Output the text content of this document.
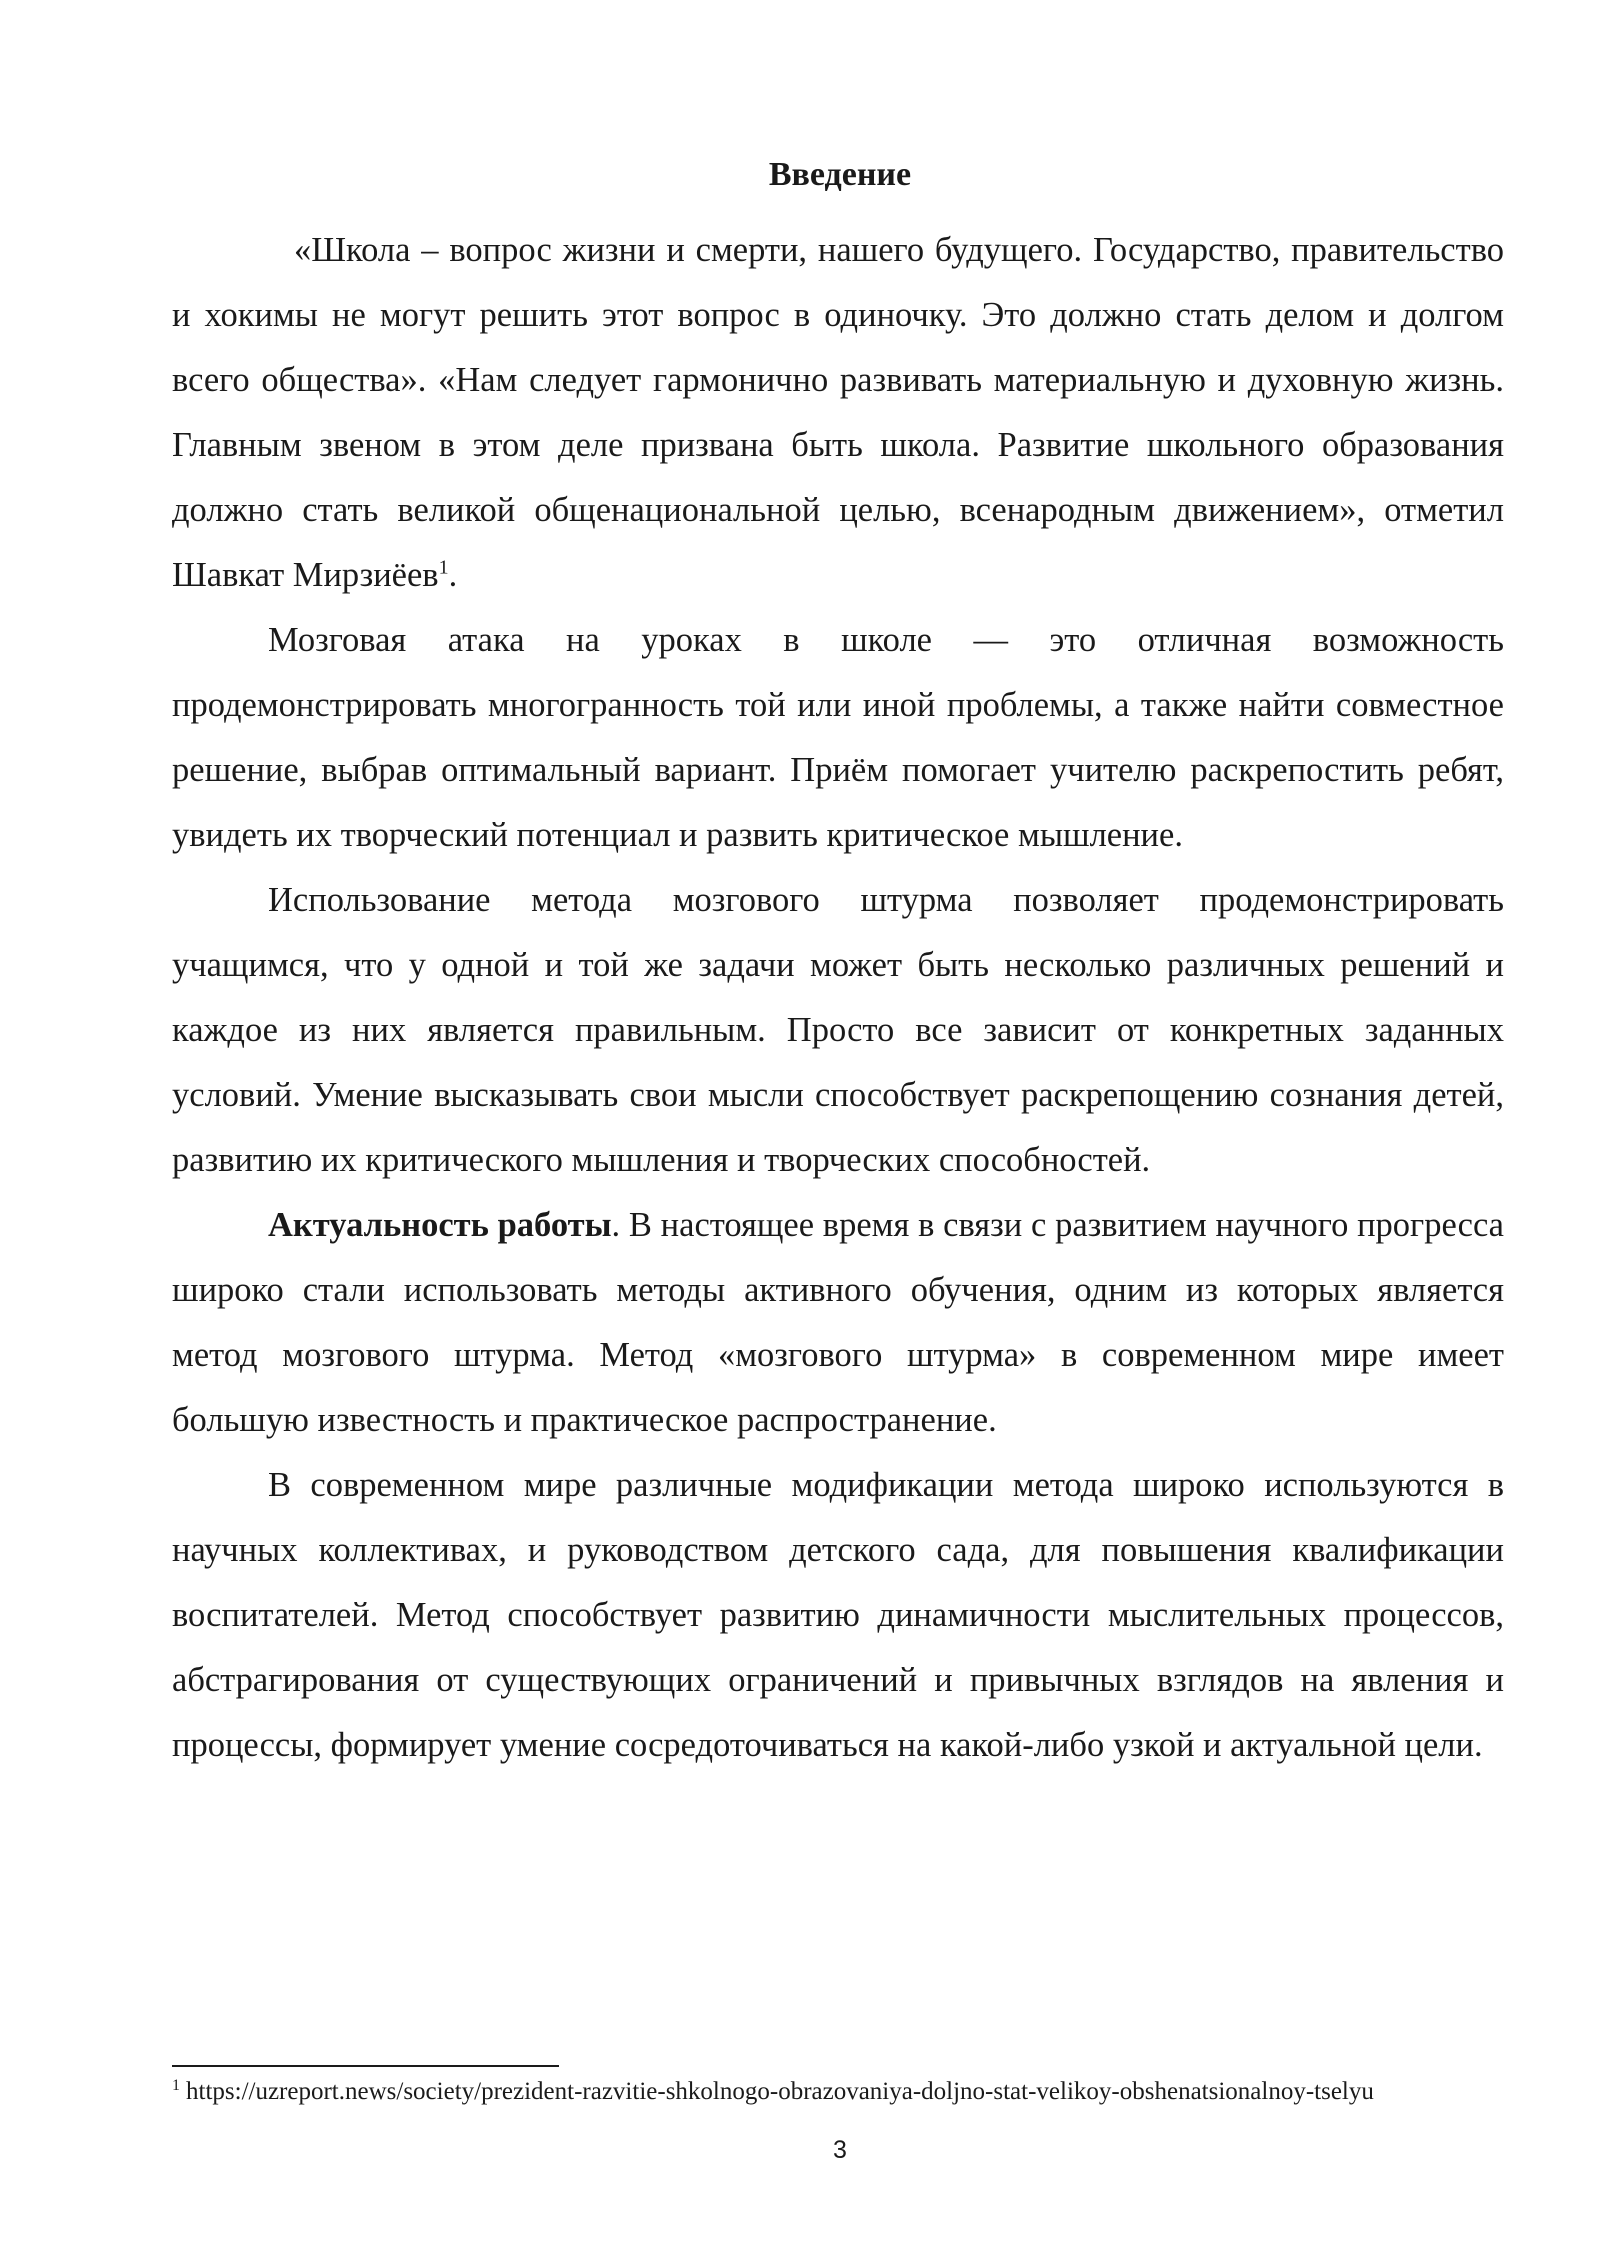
Введение

«Школа – вопрос жизни и смерти, нашего будущего. Государство, правительство и хокимы не могут решить этот вопрос в одиночку. Это должно стать делом и долгом всего общества». «Нам следует гармонично развивать материальную и духовную жизнь. Главным звеном в этом деле призвана быть школа. Развитие школьного образования должно стать великой общенациональной целью, всенародным движением», отметил Шавкат Мирзиёев$^1$.

Мозговая атака на уроках в школе — это отличная возможность продемонстрировать многогранность той или иной проблемы, а также найти совместное решение, выбрав оптимальный вариант. Приём помогает учителю раскрепостить ребят, увидеть их творческий потенциал и развить критическое мышление.

Использование метода мозгового штурма позволяет продемонстрировать учащимся, что у одной и той же задачи может быть несколько различных решений и каждое из них является правильным. Просто все зависит от конкретных заданных условий. Умение высказывать свои мысли способствует раскрепощению сознания детей, развитию их критического мышления и творческих способностей.

Актуальность работы. В настоящее время в связи с развитием научного прогресса широко стали использовать методы активного обучения, одним из которых является метод мозгового штурма. Метод «мозгового штурма» в современном мире имеет большую известность и практическое распространение.

В современном мире различные модификации метода широко используются в научных коллективах, и руководством детского сада, для повышения квалификации воспитателей. Метод способствует развитию динамичности мыслительных процессов, абстрагирования от существующих ограничений и привычных взглядов на явления и процессы, формирует умение сосредоточиваться на какой-либо узкой и актуальной цели.

$^1$ https://uzreport.news/society/prezident-razvitie-shkolnogo-obrazovaniya-doljno-stat-velikoy-obshenatsionalnoy-tselyu
3
